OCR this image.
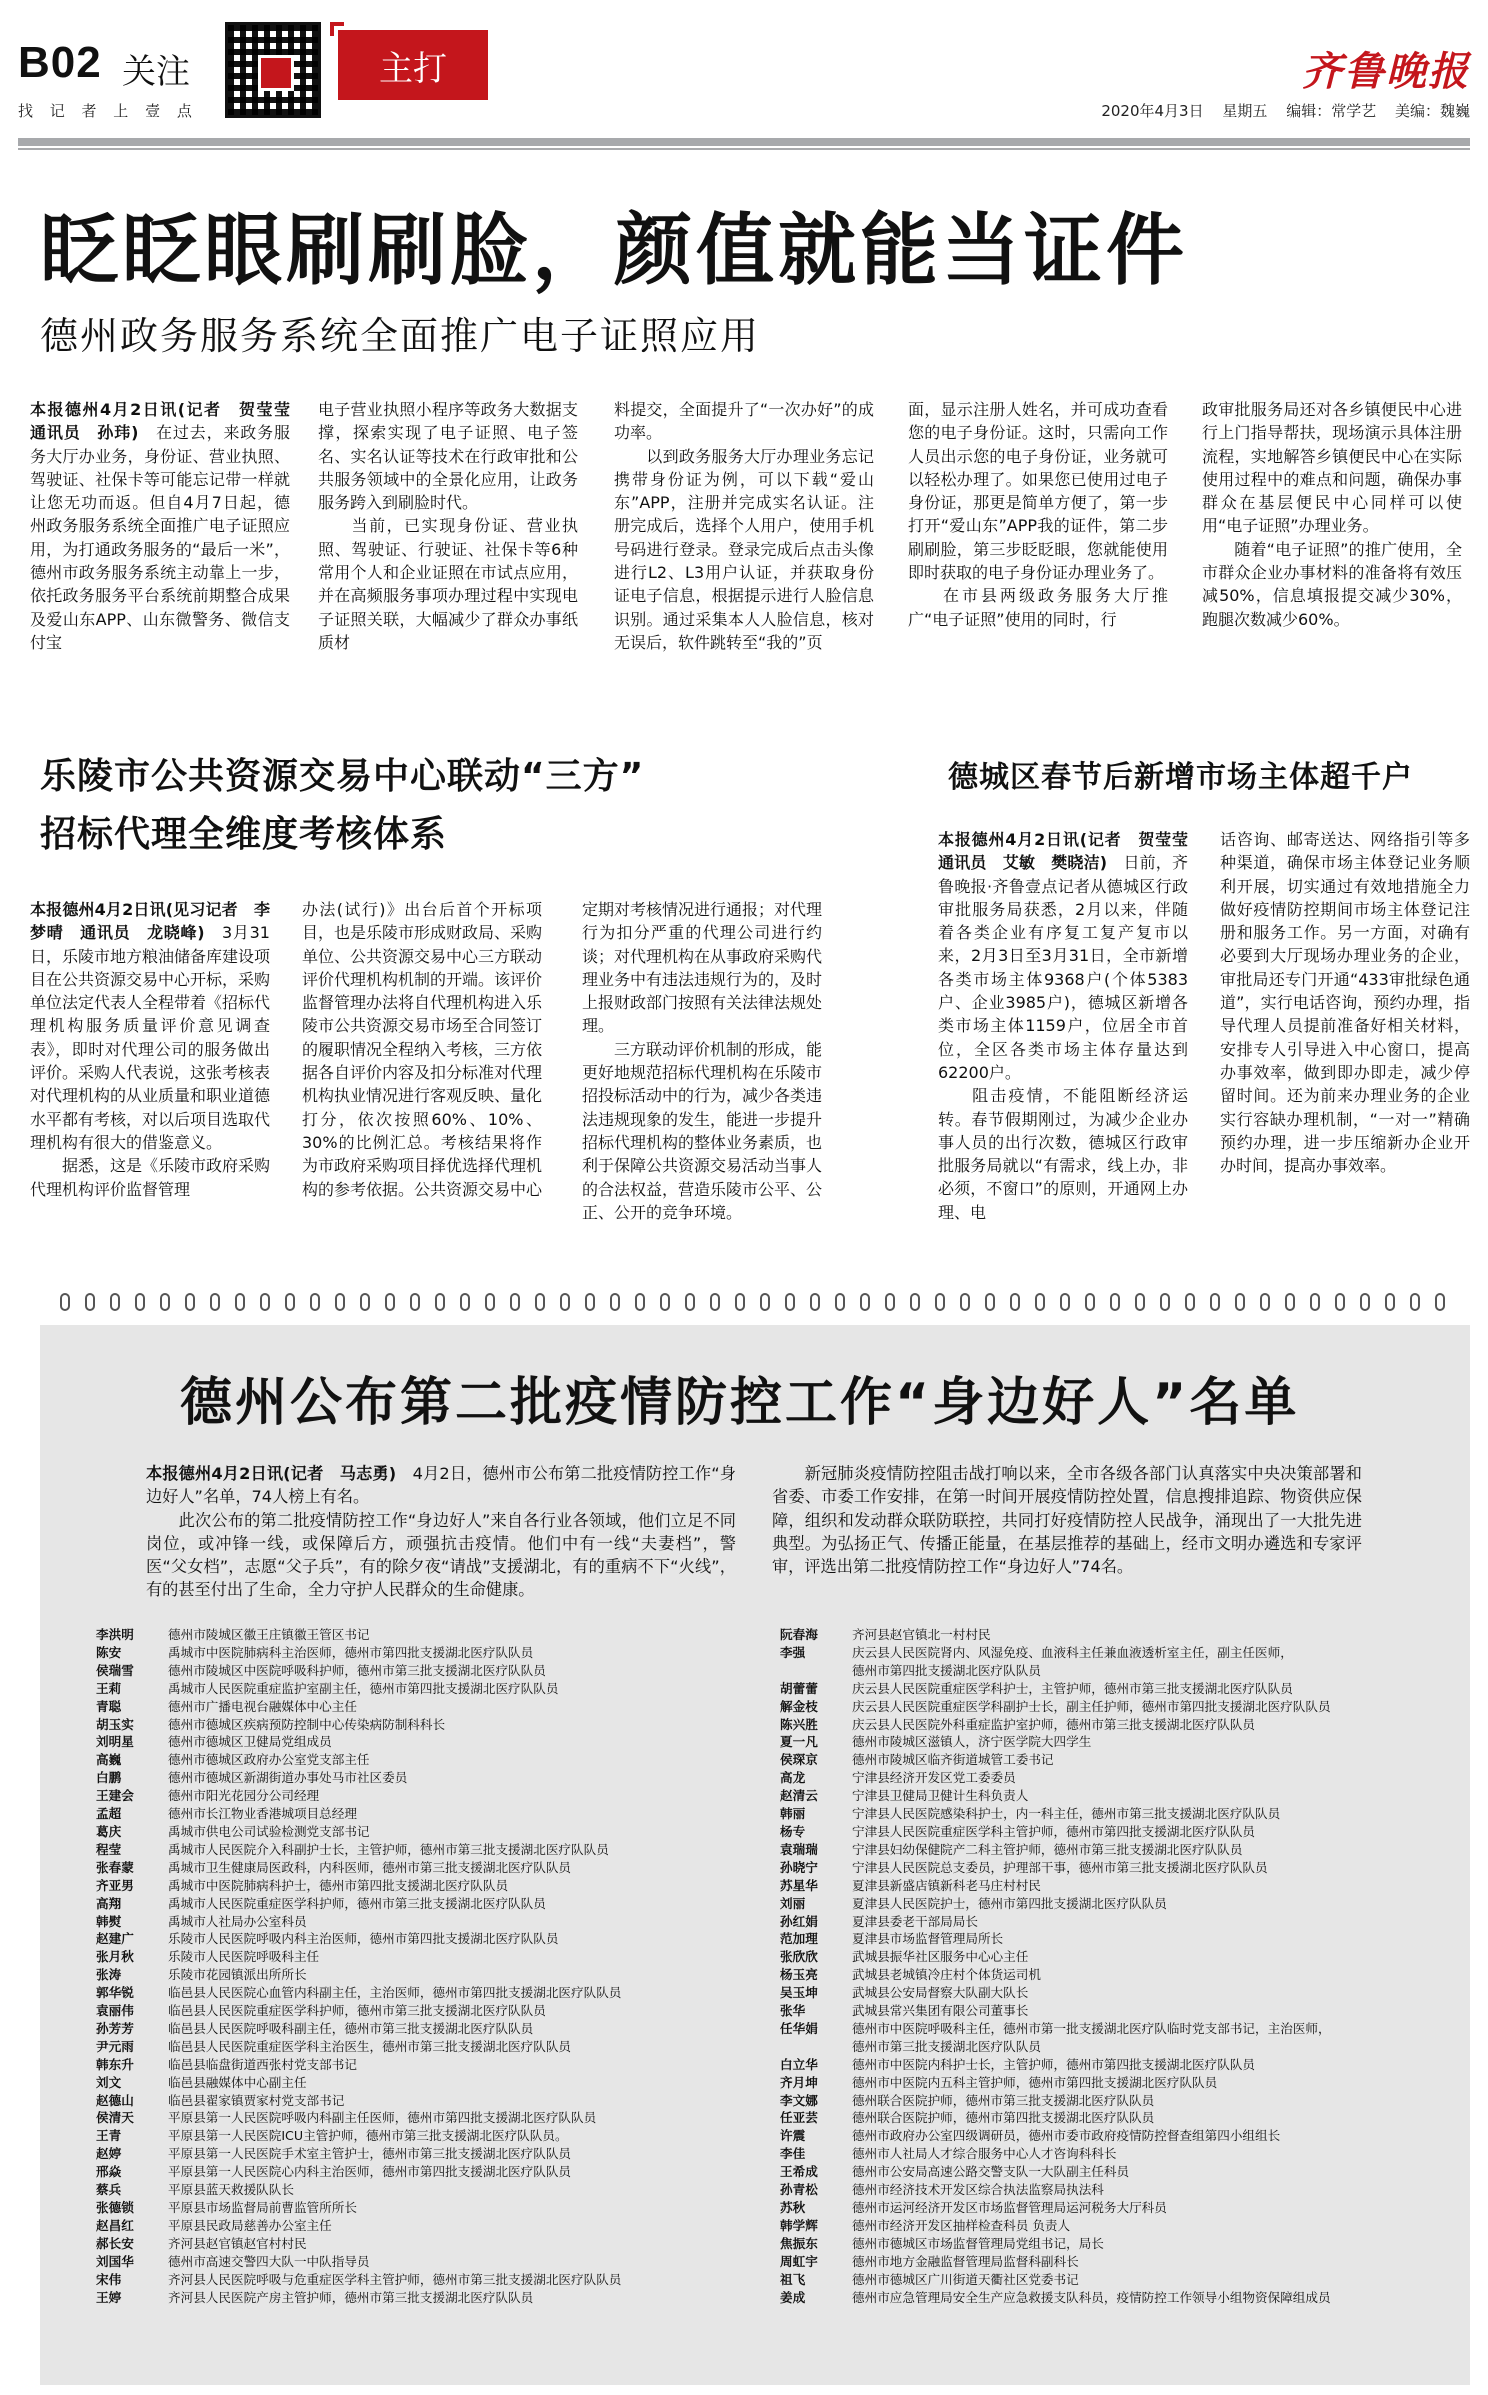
B02 关注	主打	齐鲁晚报
找 记 者 上 壹 点	2020年4月3日 星期五 编辑：常学艺 美编：魏巍
眨眨眼刷刷脸，颜值就能当证件
德州政务服务系统全面推广电子证照应用
本报德州4月2日讯(记者　贺莹莹　通讯员　孙玮)　在过去，来政务服务大厅办业务，身份证、营业执照、驾驶证、社保卡等可能忘记带一样就让您无功而返。但自4月7日起，德州政务服务系统全面推广电子证照应用，为打通政务服务的“最后一米”，德州市政务服务系统主动靠上一步，依托政务服务平台系统前期整合成果及爱山东APP、山东微警务、微信支付宝
电子营业执照小程序等政务大数据支撑，探索实现了电子证照、电子签名、实名认证等技术在行政审批和公共服务领域中的全景化应用，让政务服务跨入到刷脸时代。
当前，已实现身份证、营业执照、驾驶证、行驶证、社保卡等6种常用个人和企业证照在市试点应用，并在高频服务事项办理过程中实现电子证照关联，大幅减少了群众办事纸质材
料提交，全面提升了“一次办好”的成功率。
以到政务服务大厅办理业务忘记携带身份证为例，可以下载“爱山东”APP，注册并完成实名认证。注册完成后，选择个人用户，使用手机号码进行登录。登录完成后点击头像进行L2、L3用户认证，并获取身份证电子信息，根据提示进行人脸信息识别。通过采集本人人脸信息，核对无误后，软件跳转至“我的”页
面，显示注册人姓名，并可成功查看您的电子身份证。这时，只需向工作人员出示您的电子身份证，业务就可以轻松办理了。如果您已使用过电子身份证，那更是简单方便了，第一步打开“爱山东”APP我的证件，第二步刷刷脸，第三步眨眨眼，您就能使用即时获取的电子身份证办理业务了。
在市县两级政务服务大厅推广“电子证照”使用的同时，行
政审批服务局还对各乡镇便民中心进行上门指导帮扶，现场演示具体注册流程，实地解答乡镇便民中心在实际使用过程中的难点和问题，确保办事群众在基层便民中心同样可以使用“电子证照”办理业务。
随着“电子证照”的推广使用，全市群众企业办事材料的准备将有效压减50%，信息填报提交减少30%，跑腿次数减少60%。
乐陵市公共资源交易中心联动“三方”
招标代理全维度考核体系
本报德州4月2日讯(见习记者　李梦晴　通讯员　龙晓峰)　3月31日，乐陵市地方粮油储备库建设项目在公共资源交易中心开标，采购单位法定代表人全程带着《招标代理机构服务质量评价意见调查表》，即时对代理公司的服务做出评价。采购人代表说，这张考核表对代理机构的从业质量和职业道德水平都有考核，对以后项目选取代理机构有很大的借鉴意义。
据悉，这是《乐陵市政府采购代理机构评价监督管理
办法(试行)》出台后首个开标项目，也是乐陵市形成财政局、采购单位、公共资源交易中心三方联动评价代理机构机制的开端。该评价监督管理办法将自代理机构进入乐陵市公共资源交易市场至合同签订的履职情况全程纳入考核，三方依据各自评价内容及扣分标准对代理机构执业情况进行客观反映、量化打分，依次按照60%、10%、30%的比例汇总。考核结果将作为市政府采购项目择优选择代理机构的参考依据。公共资源交易中心
定期对考核情况进行通报；对代理行为扣分严重的代理公司进行约谈；对代理机构在从事政府采购代理业务中有违法违规行为的，及时上报财政部门按照有关法律法规处理。
三方联动评价机制的形成，能更好地规范招标代理机构在乐陵市招投标活动中的行为，减少各类违法违规现象的发生，能进一步提升招标代理机构的整体业务素质，也利于保障公共资源交易活动当事人的合法权益，营造乐陵市公平、公正、公开的竞争环境。
德城区春节后新增市场主体超千户
本报德州4月2日讯(记者　贺莹莹　通讯员　艾敏　樊晓洁)　日前，齐鲁晚报·齐鲁壹点记者从德城区行政审批服务局获悉，2月以来，伴随着各类企业有序复工复产复市以来，2月3日至3月31日，全市新增各类市场主体9368户(个体5383户、企业3985户)，德城区新增各类市场主体1159户，位居全市首位，全区各类市场主体存量达到62200户。
阻击疫情，不能阻断经济运转。春节假期刚过，为减少企业办事人员的出行次数，德城区行政审批服务局就以“有需求，线上办，非必须，不窗口”的原则，开通网上办理、电
话咨询、邮寄送达、网络指引等多种渠道，确保市场主体登记业务顺利开展，切实通过有效地措施全力做好疫情防控期间市场主体登记注册和服务工作。另一方面，对确有必要到大厅现场办理业务的企业，审批局还专门开通“433审批绿色通道”，实行电话咨询，预约办理，指导代理人员提前准备好相关材料，安排专人引导进入中心窗口，提高办事效率，做到即办即走，减少停留时间。还为前来办理业务的企业实行容缺办理机制，“一对一”精确预约办理，进一步压缩新办企业开办时间，提高办事效率。
德州公布第二批疫情防控工作“身边好人”名单
本报德州4月2日讯(记者　马志勇)　4月2日，德州市公布第二批疫情防控工作“身边好人”名单，74人榜上有名。
此次公布的第二批疫情防控工作“身边好人”来自各行业各领域，他们立足不同岗位，或冲锋一线，或保障后方，顽强抗击疫情。他们中有一线“夫妻档”，警医“父女档”，志愿“父子兵”，有的除夕夜“请战”支援湖北，有的重病不下“火线”，有的甚至付出了生命，全力守护人民群众的生命健康。
新冠肺炎疫情防控阻击战打响以来，全市各级各部门认真落实中央决策部署和省委、市委工作安排，在第一时间开展疫情防控处置，信息搜排追踪、物资供应保障，组织和发动群众联防联控，共同打好疫情防控人民战争，涌现出了一大批先进典型。为弘扬正气、传播正能量，在基层推荐的基础上，经市文明办遴选和专家评审，评选出第二批疫情防控工作“身边好人”74名。
李洪明	德州市陵城区徽王庄镇徽王管区书记
陈安	禹城市中医院肺病科主治医师，德州市第四批支援湖北医疗队队员
侯瑞雪	德州市陵城区中医院呼吸科护师，德州市第三批支援湖北医疗队队员
王莉	禹城市人民医院重症监护室副主任，德州市第四批支援湖北医疗队队员
青聪	德州市广播电视台融媒体中心主任
胡玉实	德州市德城区疾病预防控制中心传染病防制科科长
刘明星	德州市德城区卫健局党组成员
高巍	德州市德城区政府办公室党支部主任
白鹏	德州市德城区新湖街道办事处马市社区委员
王建会	德州市阳光花园分公司经理
孟超	德州市长江物业香港城项目总经理
葛庆	禹城市供电公司试验检测党支部书记
程莹	禹城市人民医院介入科副护士长，主管护师，德州市第三批支援湖北医疗队队员
张春蒙	禹城市卫生健康局医政科，内科医师，德州市第三批支援湖北医疗队队员
齐亚男	禹城市中医院肺病科护士，德州市第四批支援湖北医疗队队员
高翔	禹城市人民医院重症医学科护师，德州市第三批支援湖北医疗队队员
韩熨	禹城市人社局办公室科员
赵建广	乐陵市人民医院呼吸内科主治医师，德州市第四批支援湖北医疗队队员
张月秋	乐陵市人民医院呼吸科主任
张涛	乐陵市花园镇派出所所长
郭华锐	临邑县人民医院心血管内科副主任，主治医师，德州市第四批支援湖北医疗队队员
袁丽伟	临邑县人民医院重症医学科护师，德州市第三批支援湖北医疗队队员
孙芳芳	临邑县人民医院呼吸科副主任，德州市第三批支援湖北医疗队队员
尹元雨	临邑县人民医院重症医学科主治医生，德州市第三批支援湖北医疗队队员
韩东升	临邑县临盘街道西张村党支部书记
刘文	临邑县融媒体中心副主任
赵德山	临邑县翟家镇贾家村党支部书记
侯清天	平原县第一人民医院呼吸内科副主任医师，德州市第四批支援湖北医疗队队员
王青	平原县第一人民医院ICU主管护师，德州市第三批支援湖北医疗队队员。
赵婷	平原县第一人民医院手术室主管护士，德州市第三批支援湖北医疗队队员
邢焱	平原县第一人民医院心内科主治医师，德州市第四批支援湖北医疗队队员
蔡兵	平原县蓝天救援队队长
张德锁	平原县市场监督局前曹监管所所长
赵昌红	平原县民政局慈善办公室主任
郝长安	齐河县赵官镇赵官村村民
刘国华	德州市高速交警四大队一中队指导员
宋伟	齐河县人民医院呼吸与危重症医学科主管护师，德州市第三批支援湖北医疗队队员
王婷	齐河县人民医院产房主管护师，德州市第三批支援湖北医疗队队员
阮春海	齐河县赵官镇北一村村民
李强	庆云县人民医院肾内、风湿免疫、血液科主任兼血液透析室主任，副主任医师，
德州市第四批支援湖北医疗队队员
胡蕾蕾	庆云县人民医院重症医学科护士，主管护师，德州市第三批支援湖北医疗队队员
解金枝	庆云县人民医院重症医学科副护士长，副主任护师，德州市第四批支援湖北医疗队队员
陈兴胜	庆云县人民医院外科重症监护室护师，德州市第三批支援湖北医疗队队员
夏一凡	德州市陵城区滋镇人，济宁医学院大四学生
侯琛京	德州市陵城区临齐街道城管工委书记
高龙	宁津县经济开发区党工委委员
赵清云	宁津县卫健局卫健计生科负责人
韩丽	宁津县人民医院感染科护士，内一科主任，德州市第三批支援湖北医疗队队员
杨专	宁津县人民医院重症医学科主管护师，德州市第四批支援湖北医疗队队员
袁瑞瑞	宁津县妇幼保健院产二科主管护师，德州市第三批支援湖北医疗队队员
孙晓宁	宁津县人民医院总支委员，护理部干事，德州市第三批支援湖北医疗队队员
苏星华	夏津县新盛店镇新科老马庄村村民
刘丽	夏津县人民医院护士，德州市第四批支援湖北医疗队队员
孙红娟	夏津县委老干部局局长
范加理	夏津县市场监督管理局所长
张欣欣	武城县振华社区服务中心心主任
杨玉亮	武城县老城镇冷庄村个体货运司机
吴玉坤	武城县公安局督察大队副大队长
张华	武城县常兴集团有限公司董事长
任华娟	德州市中医院呼吸科主任，德州市第一批支援湖北医疗队临时党支部书记，主治医师，
德州市第三批支援湖北医疗队队员
白立华	德州市中医院内科护士长，主管护师，德州市第四批支援湖北医疗队队员
齐月坤	德州市中医院内五科主管护师，德州市第四批支援湖北医疗队队员
李文娜	德州联合医院护师，德州市第三批支援湖北医疗队队员
任亚芸	德州联合医院护师，德州市第四批支援湖北医疗队队员
许震	德州市政府办公室四级调研员，德州市委市政府疫情防控督查组第四小组组长
李佳	德州市人社局人才综合服务中心人才咨询科科长
王希成	德州市公安局高速公路交警支队一大队副主任科员
孙青松	德州市经济技术开发区综合执法监察局执法科
苏秋	德州市运河经济开发区市场监督管理局运河税务大厅科员
韩学辉	德州市经济开发区抽样检查科员 负责人
焦振东	德州市德城区市场监督管理局党组书记，局长
周虹宇	德州市地方金融监督管理局监督科副科长
祖飞	德州市德城区广川街道天衢社区党委书记
姜成	德州市应急管理局安全生产应急救援支队科员，疫情防控工作领导小组物资保障组成员
